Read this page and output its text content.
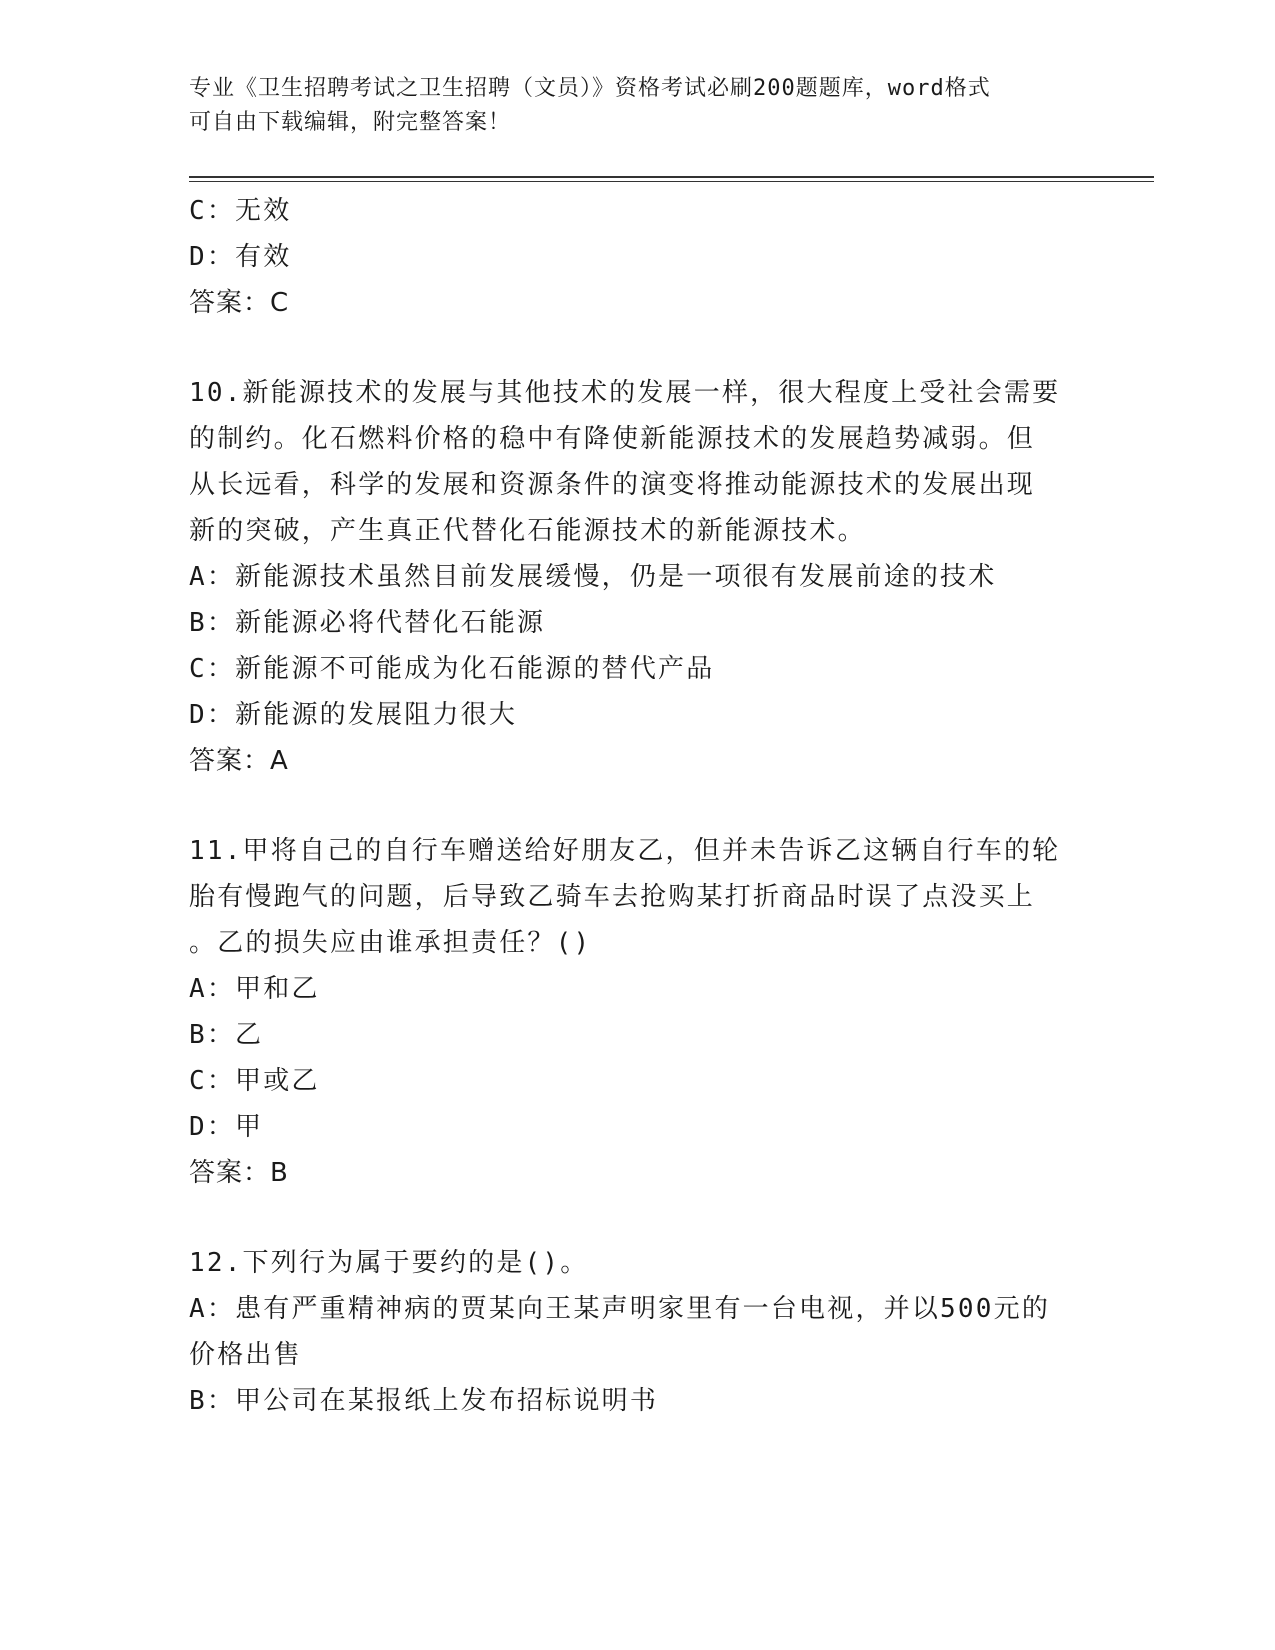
专业《卫生招聘考试之卫生招聘（文员）》资格考试必刷200题题库，word格式
可自由下载编辑，附完整答案！
C：无效
D：有效
答案：C
10.新能源技术的发展与其他技术的发展一样，很大程度上受社会需要
的制约。化石燃料价格的稳中有降使新能源技术的发展趋势减弱。但
从长远看，科学的发展和资源条件的演变将推动能源技术的发展出现
新的突破，产生真正代替化石能源技术的新能源技术。
A：新能源技术虽然目前发展缓慢，仍是一项很有发展前途的技术
B：新能源必将代替化石能源
C：新能源不可能成为化石能源的替代产品
D：新能源的发展阻力很大
答案：A
11.甲将自己的自行车赠送给好朋友乙，但并未告诉乙这辆自行车的轮
胎有慢跑气的问题，后导致乙骑车去抢购某打折商品时误了点没买上
。乙的损失应由谁承担责任？()
A：甲和乙
B：乙
C：甲或乙
D：甲
答案：B
12.下列行为属于要约的是()。
A：患有严重精神病的贾某向王某声明家里有一台电视，并以500元的
价格出售
B：甲公司在某报纸上发布招标说明书
